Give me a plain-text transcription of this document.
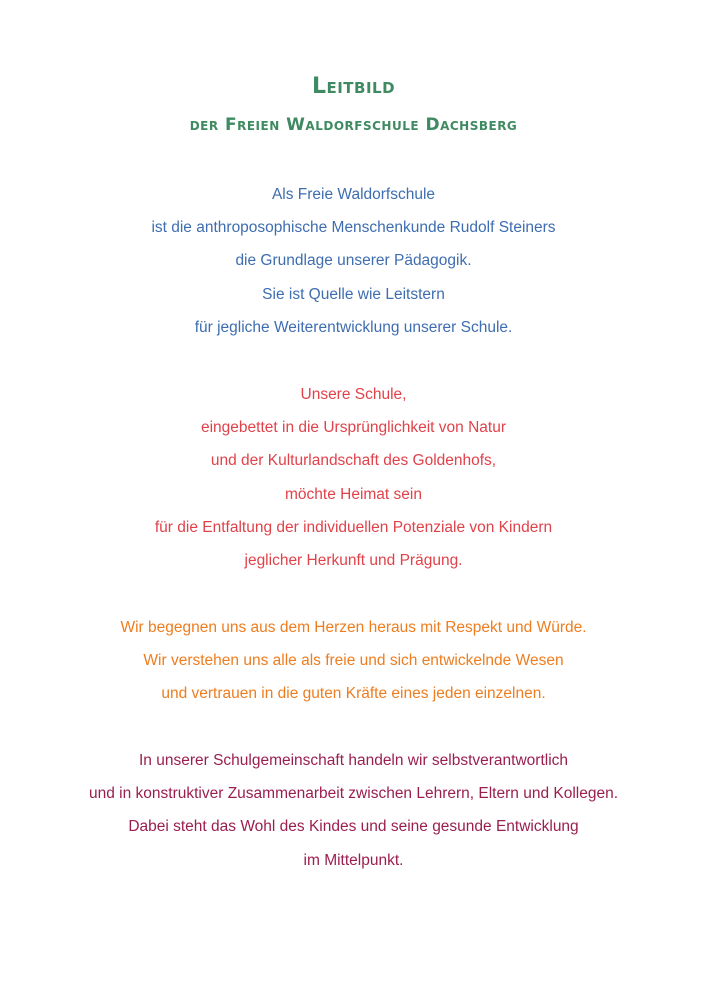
Leitbild
der Freien Waldorfschule Dachsberg
Als Freie Waldorfschule
ist die anthroposophische Menschenkunde Rudolf Steiners
die Grundlage unserer Pädagogik.
Sie ist Quelle wie Leitstern
für jegliche Weiterentwicklung unserer Schule.
Unsere Schule,
eingebettet in die Ursprünglichkeit von Natur
und der Kulturlandschaft des Goldenhofs,
möchte Heimat sein
für die Entfaltung der individuellen Potenziale von Kindern
jeglicher Herkunft und Prägung.
Wir begegnen uns aus dem Herzen heraus mit Respekt und Würde.
Wir verstehen uns alle als freie und sich entwickelnde Wesen
und vertrauen in die guten Kräfte eines jeden einzelnen.
In unserer Schulgemeinschaft handeln wir selbstverantwortlich
und in konstruktiver Zusammenarbeit zwischen Lehrern, Eltern und Kollegen.
Dabei steht das Wohl des Kindes und seine gesunde Entwicklung
im Mittelpunkt.
